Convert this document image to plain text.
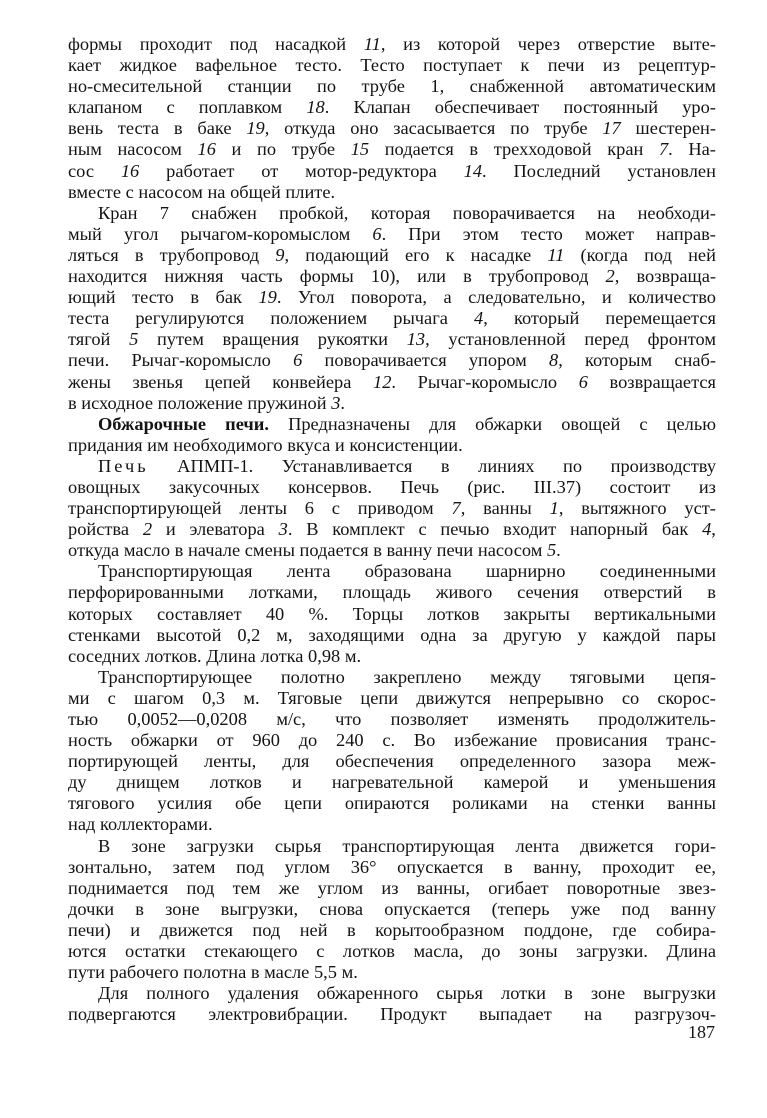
формы проходит под насадкой 11, из которой через отверстие выте-
кает жидкое вафельное тесто. Тесто поступает к печи из рецептур-
но-смесительной станции по трубе 1, снабженной автоматическим
клапаном с поплавком 18. Клапан обеспечивает постоянный уро-
вень теста в баке 19, откуда оно засасывается по трубе 17 шестерен-
ным насосом 16 и по трубе 15 подается в трехходовой кран 7. На-
сос 16 работает от мотор-редуктора 14. Последний установлен
вместе с насосом на общей плите.
Кран 7 снабжен пробкой, которая поворачивается на необходи-
мый угол рычагом-коромыслом 6. При этом тесто может направ-
ляться в трубопровод 9, подающий его к насадке 11 (когда под ней
находится нижняя часть формы 10), или в трубопровод 2, возвраща-
ющий тесто в бак 19. Угол поворота, а следовательно, и количество
теста регулируются положением рычага 4, который перемещается
тягой 5 путем вращения рукоятки 13, установленной перед фронтом
печи. Рычаг-коромысло 6 поворачивается упором 8, которым снаб-
жены звенья цепей конвейера 12. Рычаг-коромысло 6 возвращается
в исходное положение пружиной 3.
Обжарочные печи. Предназначены для обжарки овощей с целью
придания им необходимого вкуса и консистенции.
Печь АПМП-1. Устанавливается в линиях по производству
овощных закусочных консервов. Печь (рис. III.37) состоит из
транспортирующей ленты 6 с приводом 7, ванны 1, вытяжного уст-
ройства 2 и элеватора 3. В комплект с печью входит напорный бак 4,
откуда масло в начале смены подается в ванну печи насосом 5.
Транспортирующая лента образована шарнирно соединенными
перфорированными лотками, площадь живого сечения отверстий в
которых составляет 40 %. Торцы лотков закрыты вертикальными
стенками высотой 0,2 м, заходящими одна за другую у каждой пары
соседних лотков. Длина лотка 0,98 м.
Транспортирующее полотно закреплено между тяговыми цепя-
ми с шагом 0,3 м. Тяговые цепи движутся непрерывно со скорос-
тью 0,0052—0,0208 м/с, что позволяет изменять продолжитель-
ность обжарки от 960 до 240 с. Во избежание провисания транс-
портирующей ленты, для обеспечения определенного зазора меж-
ду днищем лотков и нагревательной камерой и уменьшения
тягового усилия обе цепи опираются роликами на стенки ванны
над коллекторами.
В зоне загрузки сырья транспортирующая лента движется гори-
зонтально, затем под углом 36° опускается в ванну, проходит ее,
поднимается под тем же углом из ванны, огибает поворотные звез-
дочки в зоне выгрузки, снова опускается (теперь уже под ванну
печи) и движется под ней в корытообразном поддоне, где собира-
ются остатки стекающего с лотков масла, до зоны загрузки. Длина
пути рабочего полотна в масле 5,5 м.
Для полного удаления обжаренного сырья лотки в зоне выгрузки
подвергаются электровибрации. Продукт выпадает на разгрузоч-
187
